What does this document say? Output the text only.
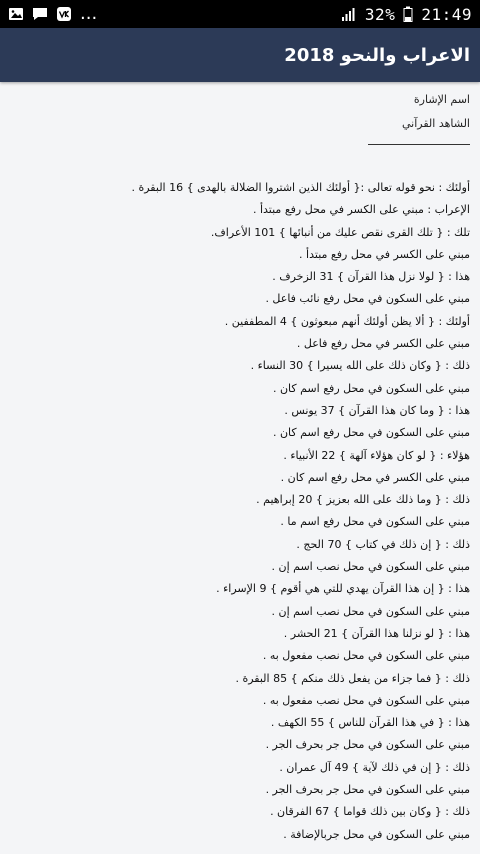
...	32% 21:49
الاعراب والنحو 2018
اسم الإشارة
الشاهد القرآني
أولئك : نحو قوله تعالى :{ أولئك الذين اشتروا الضلالة بالهدى } 16 البقرة .
الإعراب : مبني على الكسر في محل رفع مبتدأ .
تلك : { تلك القرى نقص عليك من أنبائها } 101 الأعراف.
مبني على الكسر في محل رفع مبتدأ .
هذا : { لولا نزل هذا القرآن } 31 الزخرف .
مبني على السكون في محل رفع نائب فاعل .
أولئك : { ألا يظن أولئك أنهم مبعوثون } 4 المطففين .
مبني على الكسر في محل رفع فاعل .
ذلك : { وكان ذلك على الله يسيرا } 30 النساء .
مبني على السكون في محل رفع اسم كان .
هذا : { وما كان هذا القرآن } 37 يونس .
مبني على السكون في محل رفع اسم كان .
هؤلاء : { لو كان هؤلاء آلهة } 22 الأنبياء .
مبني على الكسر في محل رفع اسم كان .
ذلك : { وما ذلك على الله بعزيز } 20 إبراهيم .
مبني على السكون في محل رفع اسم ما .
ذلك : { إن ذلك في كتاب } 70 الحج .
مبني على السكون في محل نصب اسم إن .
هذا : { إن هذا القرآن يهدي للتي هي أقوم } 9 الإسراء .
مبني على السكون في محل نصب اسم إن .
هذا : { لو نزلنا هذا القرآن } 21 الحشر .
مبني على السكون في محل نصب مفعول به .
ذلك : { فما جزاء من يفعل ذلك منكم } 85 البقرة .
مبني على السكون في محل نصب مفعول به .
هذا : { في هذا القرآن للناس } 55 الكهف .
مبني على السكون في محل جر بحرف الجر .
ذلك : { إن في ذلك لآية } 49 آل عمران .
مبني على السكون في محل جر بحرف الجر .
ذلك : { وكان بين ذلك قواما } 67 الفرقان .
مبني على السكون في محل جربالإضافة .
